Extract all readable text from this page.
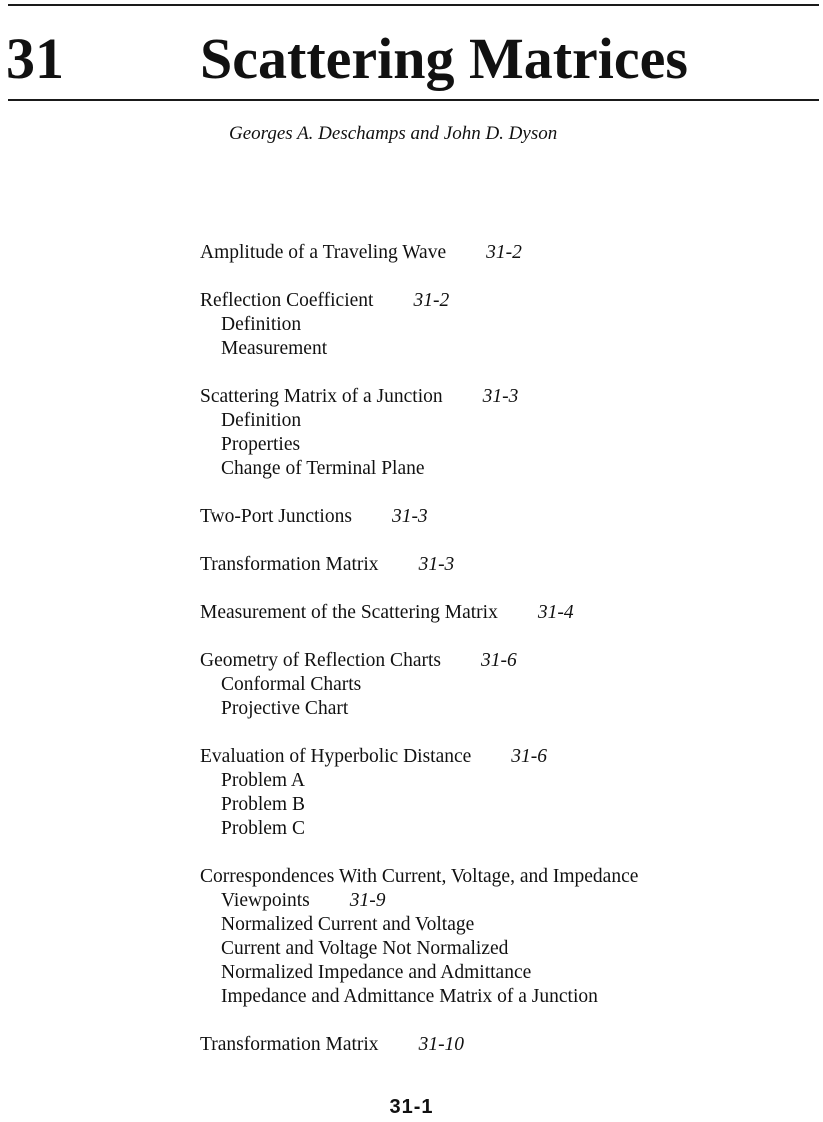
31 Scattering Matrices

Georges A. Deschamps and John D. Dyson

Amplitude of a Traveling Wave 31-2
Reflection Coefficient 31-2
Definition
Measurement
Scattering Matrix of a Junction 31-3
Definition
Properties
Change of Terminal Plane
Two-Port Junctions 31-3
Transformation Matrix 31-3
Measurement of the Scattering Matrix 31-4
Geometry of Reflection Charts 31-6
Conformal Charts
Projective Chart
Evaluation of Hyperbolic Distance 31-6
Problem A
Problem B
Problem C
Correspondences With Current, Voltage, and Impedance
Viewpoints 31-9
Normalized Current and Voltage
Current and Voltage Not Normalized
Normalized Impedance and Admittance
Impedance and Admittance Matrix of a Junction
Transformation Matrix 31-10
31-1
